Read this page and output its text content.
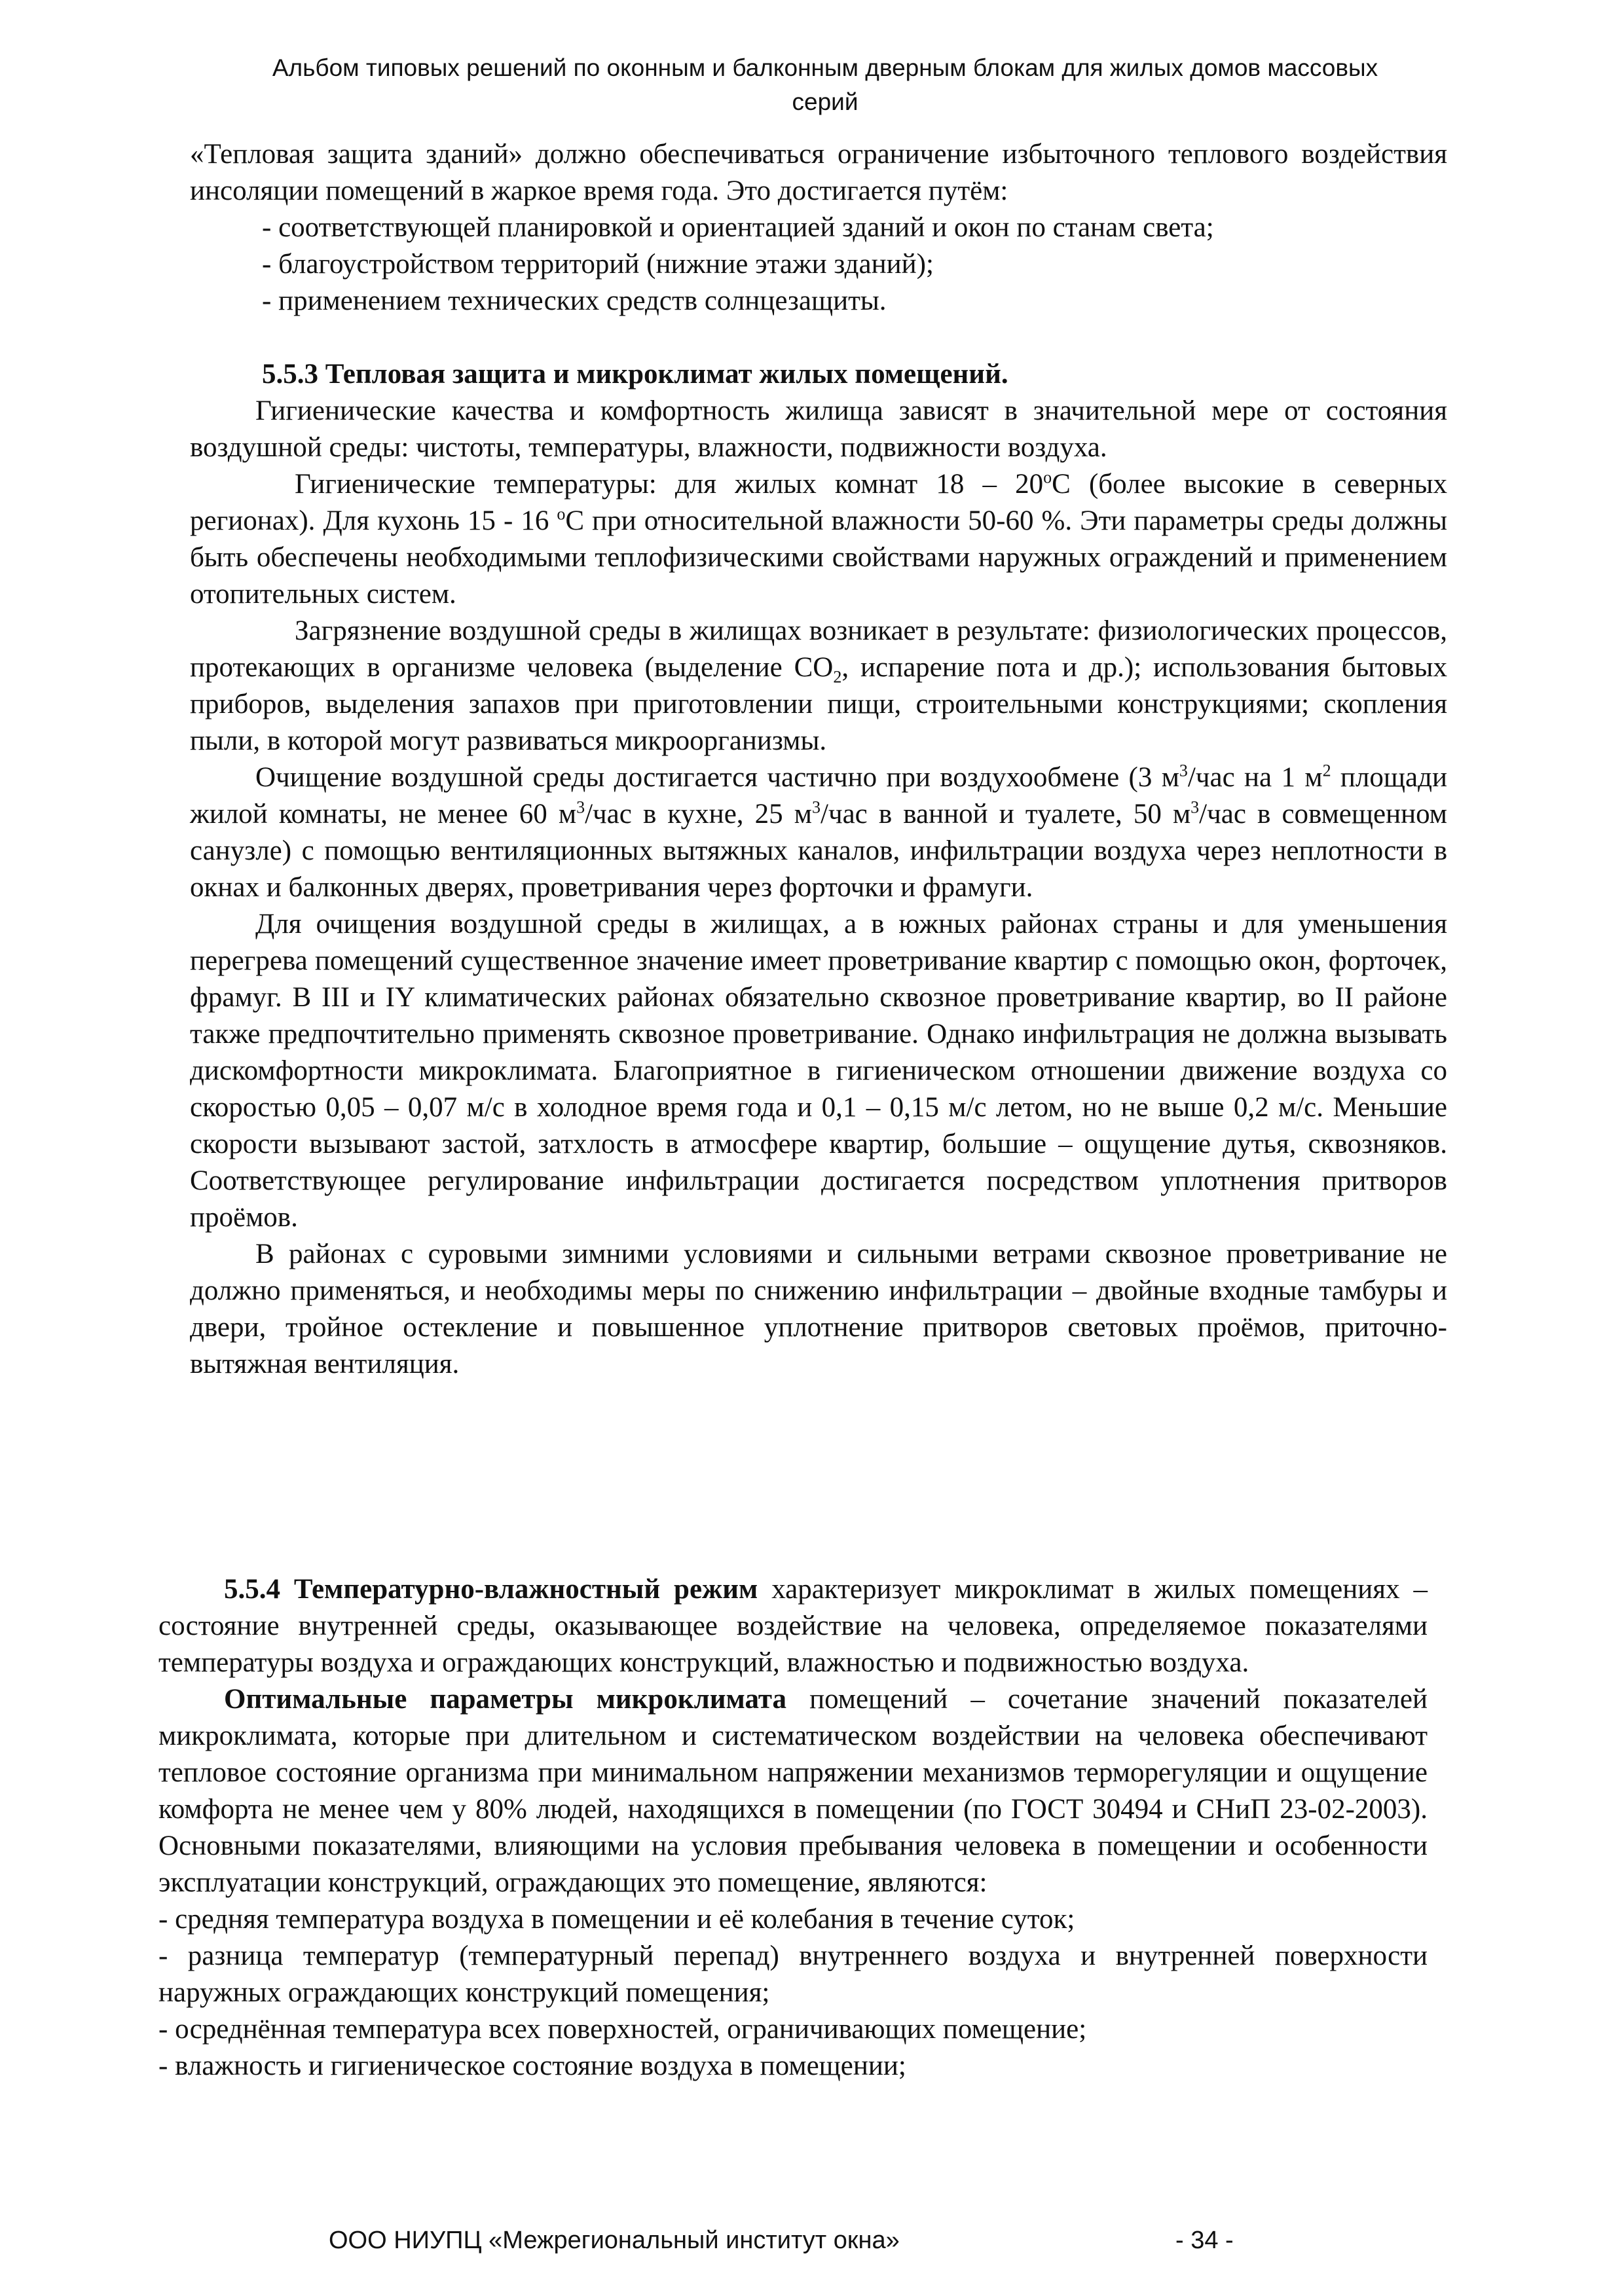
Альбом типовых решений по оконным и балконным дверным блокам для жилых домов массовых
серий

«Тепловая защита зданий» должно обеспечиваться ограничение избыточного теплового воздействия инсоляции помещений в жаркое время года. Это достигается путём:

- соответствующей планировкой и ориентацией зданий и окон по станам света;

- благоустройством территорий (нижние этажи зданий);

- применением технических средств солнцезащиты.

5.5.3 Тепловая защита и микроклимат жилых помещений.

Гигиенические качества и комфортность жилища зависят в значительной мере от состояния воздушной среды: чистоты, температуры, влажности, подвижности воздуха.

Гигиенические температуры: для жилых комнат 18 – 20$^o$С (более высокие в северных регионах). Для кухонь 15 - 16 $^o$С при относительной влажности 50-60 %. Эти параметры среды должны быть обеспечены необходимыми теплофизическими свойствами наружных ограждений и применением отопительных систем.

Загрязнение воздушной среды в жилищах возникает в результате: физиологических процессов, протекающих в организме человека (выделение $СО_2$, испарение пота и др.); использования бытовых приборов, выделения запахов при приготовлении пищи, строительными конструкциями; скопления пыли, в которой могут развиваться микроорганизмы.

Очищение воздушной среды достигается частично при воздухообмене (3 $м^3$/час на 1 $м^2$ площади жилой комнаты, не менее 60 $м^3$/час в кухне, 25 $м^3$/час в ванной и туалете, 50 $м^3$/час в совмещенном санузле) с помощью вентиляционных вытяжных каналов, инфильтрации воздуха через неплотности в окнах и балконных дверях, проветривания через форточки и фрамуги.

Для очищения воздушной среды в жилищах, а в южных районах страны и для уменьшения перегрева помещений существенное значение имеет проветривание квартир с помощью окон, форточек, фрамуг. В III и IY климатических районах обязательно сквозное проветривание квартир, во II районе также предпочтительно применять сквозное проветривание. Однако инфильтрация не должна вызывать дискомфортности микроклимата. Благоприятное в гигиеническом отношении движение воздуха со скоростью 0,05 – 0,07 м/с в холодное время года и 0,1 – 0,15 м/с летом, но не выше 0,2 м/с. Меньшие скорости вызывают застой, затхлость в атмосфере квартир, большие – ощущение дутья, сквозняков. Соответствующее регулирование инфильтрации достигается посредством уплотнения притворов проёмов.

В районах с суровыми зимними условиями и сильными ветрами сквозное проветривание не должно применяться, и необходимы меры по снижению инфильтрации – двойные входные тамбуры и двери, тройное остекление и повышенное уплотнение притворов световых проёмов, приточно-вытяжная вентиляция.

5.5.4 Температурно-влажностный режим характеризует микроклимат в жилых помещениях – состояние внутренней среды, оказывающее воздействие на человека, определяемое показателями температуры воздуха и ограждающих конструкций, влажностью и подвижностью воздуха.

Оптимальные параметры микроклимата помещений – сочетание значений показателей микроклимата, которые при длительном и систематическом воздействии на человека обеспечивают тепловое состояние организма при минимальном напряжении механизмов терморегуляции и ощущение комфорта не менее чем у 80% людей, находящихся в помещении (по ГОСТ 30494 и СНиП 23-02-2003). Основными показателями, влияющими на условия пребывания человека в помещении и особенности эксплуатации конструкций, ограждающих это помещение, являются:

- средняя температура воздуха в помещении и её колебания в течение суток;

- разница температур (температурный перепад) внутреннего воздуха и внутренней поверхности наружных ограждающих конструкций помещения;

- осреднённая температура всех поверхностей, ограничивающих помещение;

- влажность и гигиеническое состояние воздуха в помещении;

ООО НИУПЦ «Межрегиональный институт окна»	- 34 -
